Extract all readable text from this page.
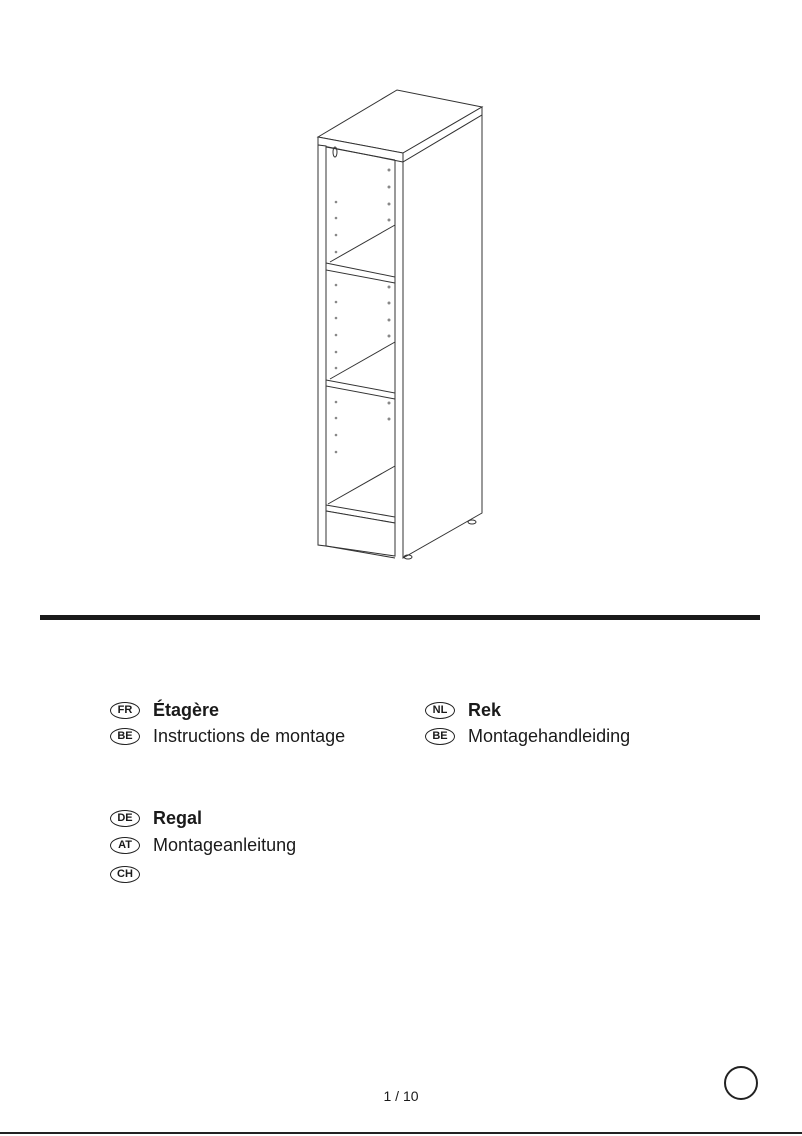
FR	Étagère
BE	Instructions de montage
NL	Rek
BE	Montagehandleiding
DE	Regal
AT	Montageanleitung
CH
1 / 10
